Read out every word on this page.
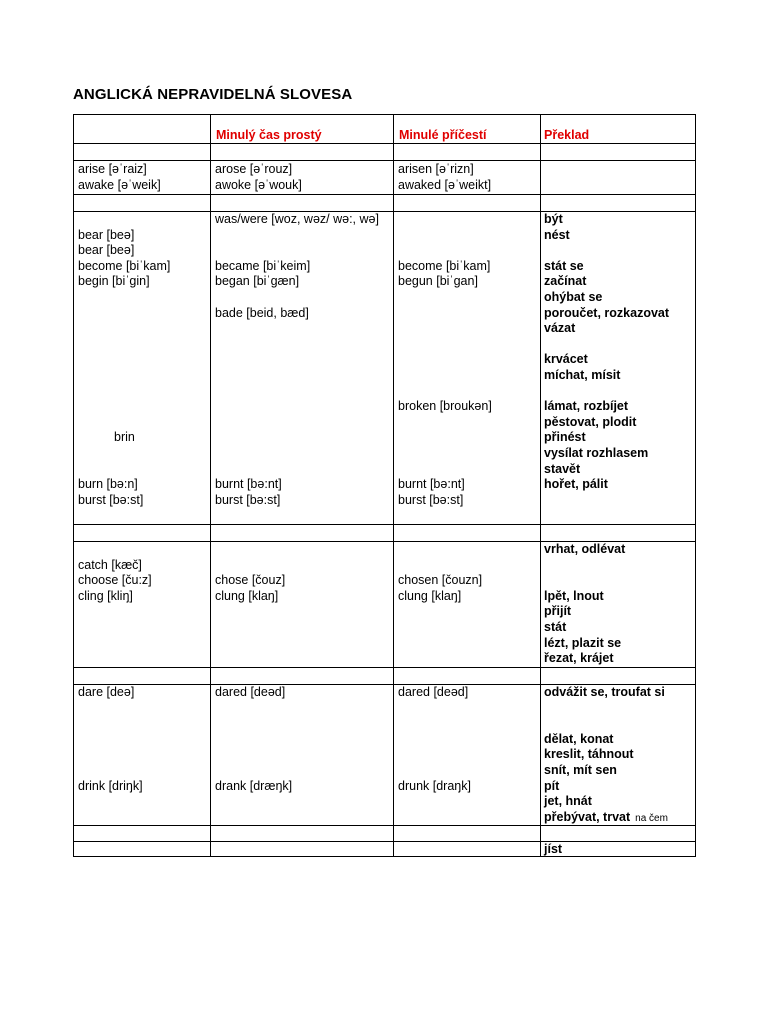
ANGLICKÁ NEPRAVIDELNÁ SLOVESA
Minulý čas prostý	Minulé příčestí	Překlad
arise [əˈraiz]
awake [əˈweik]
arose [əˈrouz]
awoke [əˈwouk]
arisen [əˈrizn]
awaked [əˈweikt]
bear [beə]
bear [beə]
become [biˈkam]
begin [biˈgin]
brin
burn [bə:n]
burst [bə:st]
was/were [woz, wəz/ wə:, wə]
became [biˈkeim]
began [biˈgæn]
bade [beid, bæd]
burnt [bə:nt]
burst [bə:st]
become [biˈkam]
begun [biˈgan]
broken [broukən]
burnt [bə:nt]
burst [bə:st]
být
nést
stát se
začínat
ohýbat se
poroučet, rozkazovat
vázat
krvácet
míchat, mísit
lámat, rozbíjet
pěstovat, plodit
přinést
vysílat rozhlasem
stavět
hořet, pálit
catch [kæč]
choose [ču:z]
cling [kliŋ]
chose [čouz]
clung [klaŋ]
chosen [čouzn]
clung [klaŋ]
vrhat, odlévat
lpět, lnout
přijít
stát
lézt, plazit se
řezat, krájet
dare [deə]
drink [driŋk]
dared [deəd]
drank [dræŋk]
dared [deəd]
drunk [draŋk]
odvážit se, troufat si
dělat, konat
kreslit, táhnout
snít, mít sen
pít
jet, hnát
přebývat, trvat na čem
jíst
